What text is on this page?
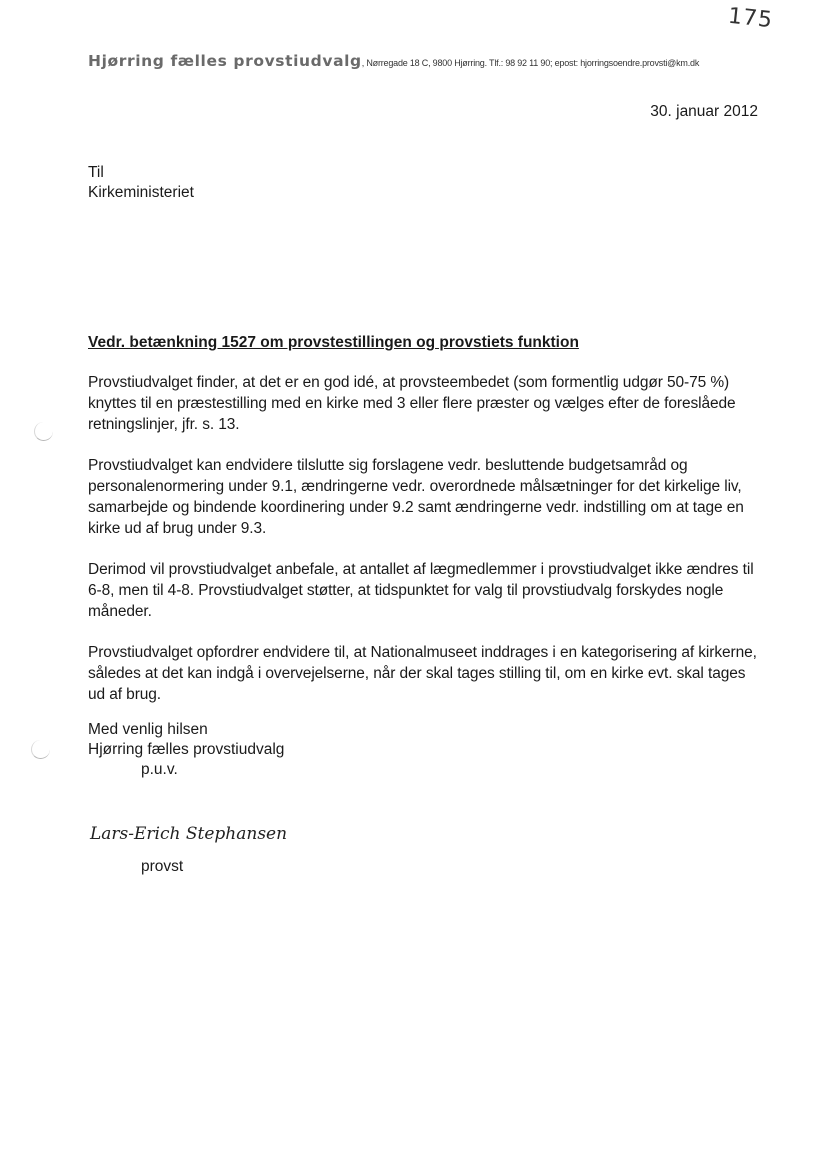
175
Hjørring fælles provstiudvalg, Nørregade 18 C, 9800 Hjørring. Tlf.: 98 92 11 90; epost: hjorringsoendre.provsti@km.dk
30. januar 2012
Til
Kirkeministeriet
Vedr. betænkning 1527 om provstestillingen og provstiets funktion

Provstiudvalget finder, at det er en god idé, at provsteembedet (som formentlig udgør 50-75 %) knyttes til en præstestilling med en kirke med 3 eller flere præster og vælges efter de foreslåede retningslinjer, jfr. s. 13.

Provstiudvalget kan endvidere tilslutte sig forslagene vedr. besluttende budgetsamråd og personalenormering under 9.1, ændringerne vedr. overordnede målsætninger for det kirkelige liv, samarbejde og bindende koordinering under 9.2 samt ændringerne vedr. indstilling om at tage en kirke ud af brug under 9.3.

Derimod vil provstiudvalget anbefale, at antallet af lægmedlemmer i provstiudvalget ikke ændres til 6-8, men til 4-8. Provstiudvalget støtter, at tidspunktet for valg til provstiudvalg forskydes nogle måneder.

Provstiudvalget opfordrer endvidere til, at Nationalmuseet inddrages i en kategorisering af kirkerne, således at det kan indgå i overvejelserne, når der skal tages stilling til, om en kirke evt. skal tages ud af brug.

Med venlig hilsen
Hjørring fælles provstiudvalg
p.u.v.
Lars-Erich Stephansen
provst
